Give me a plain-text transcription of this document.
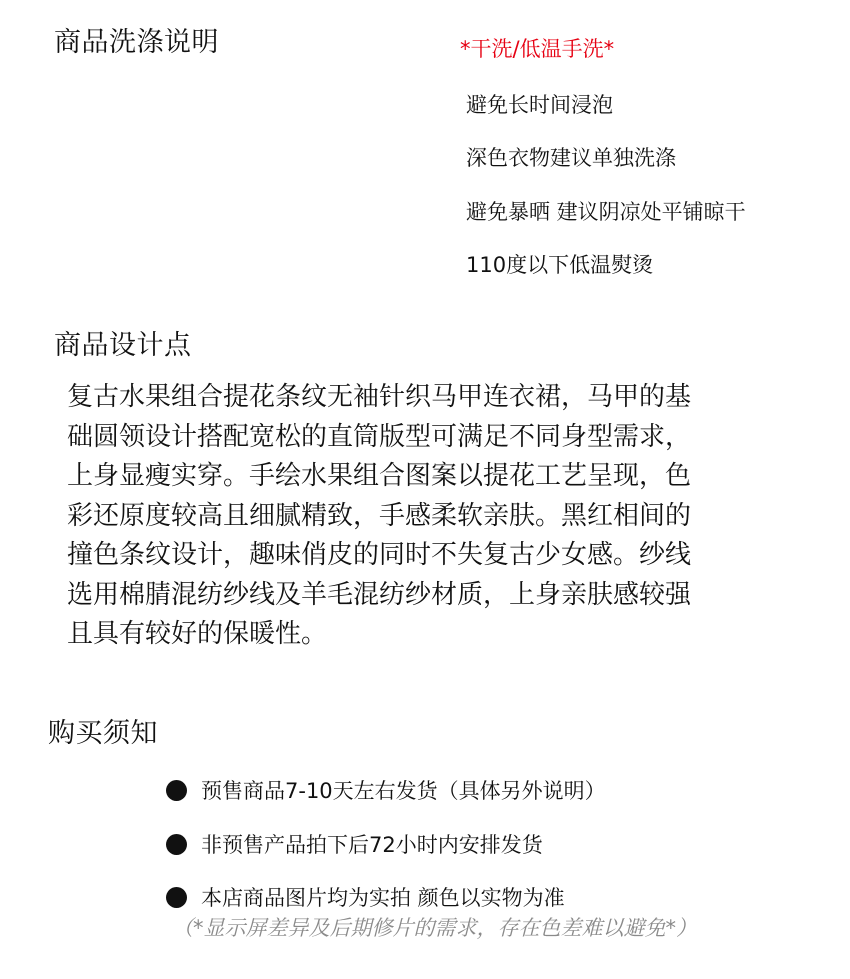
商品洗涤说明	*干洗/低温手洗*
避免长时间浸泡
深色衣物建议单独洗涤
避免暴晒 建议阴凉处平铺晾干
110度以下低温熨烫
商品设计点
复古水果组合提花条纹无袖针织马甲连衣裙，马甲的基
础圆领设计搭配宽松的直筒版型可满足不同身型需求，
上身显瘦实穿。手绘水果组合图案以提花工艺呈现，色
彩还原度较高且细腻精致，手感柔软亲肤。黑红相间的
撞色条纹设计，趣味俏皮的同时不失复古少女感。纱线
选用棉腈混纺纱线及羊毛混纺纱材质，上身亲肤感较强
且具有较好的保暖性。
购买须知
预售商品7-10天左右发货（具体另外说明）
非预售产品拍下后72小时内安排发货
本店商品图片均为实拍 颜色以实物为准
（*显示屏差异及后期修片的需求，存在色差难以避免*）
